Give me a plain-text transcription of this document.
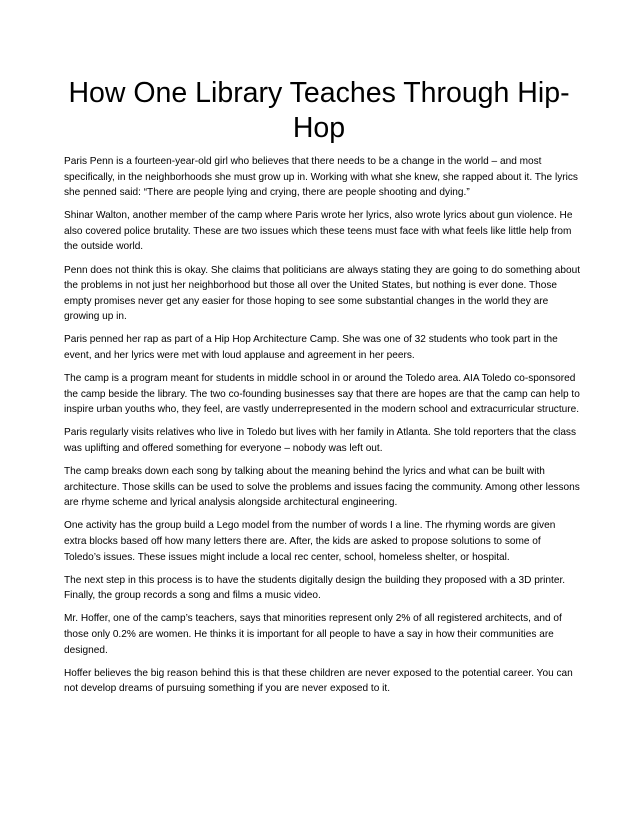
How One Library Teaches Through Hip-Hop

Paris Penn is a fourteen-year-old girl who believes that there needs to be a change in the world – and most specifically, in the neighborhoods she must grow up in. Working with what she knew, she rapped about it. The lyrics she penned said: “There are people lying and crying, there are people shooting and dying.”

Shinar Walton, another member of the camp where Paris wrote her lyrics, also wrote lyrics about gun violence. He also covered police brutality. These are two issues which these teens must face with what feels like little help from the outside world.

Penn does not think this is okay. She claims that politicians are always stating they are going to do something about the problems in not just her neighborhood but those all over the United States, but nothing is ever done. Those empty promises never get any easier for those hoping to see some substantial changes in the world they are growing up in.

Paris penned her rap as part of a Hip Hop Architecture Camp. She was one of 32 students who took part in the event, and her lyrics were met with loud applause and agreement in her peers.

The camp is a program meant for students in middle school in or around the Toledo area. AIA Toledo co-sponsored the camp beside the library. The two co-founding businesses say that there are hopes are that the camp can help to inspire urban youths who, they feel, are vastly underrepresented in the modern school and extracurricular structure.

Paris regularly visits relatives who live in Toledo but lives with her family in Atlanta. She told reporters that the class was uplifting and offered something for everyone – nobody was left out.

The camp breaks down each song by talking about the meaning behind the lyrics and what can be built with architecture. Those skills can be used to solve the problems and issues facing the community. Among other lessons are rhyme scheme and lyrical analysis alongside architectural engineering.

One activity has the group build a Lego model from the number of words I a line. The rhyming words are given extra blocks based off how many letters there are. After, the kids are asked to propose solutions to some of Toledo’s issues. These issues might include a local rec center, school, homeless shelter, or hospital.

The next step in this process is to have the students digitally design the building they proposed with a 3D printer. Finally, the group records a song and films a music video.

Mr. Hoffer, one of the camp’s teachers, says that minorities represent only 2% of all registered architects, and of those only 0.2% are women. He thinks it is important for all people to have a say in how their communities are designed.

Hoffer believes the big reason behind this is that these children are never exposed to the potential career. You can not develop dreams of pursuing something if you are never exposed to it.
